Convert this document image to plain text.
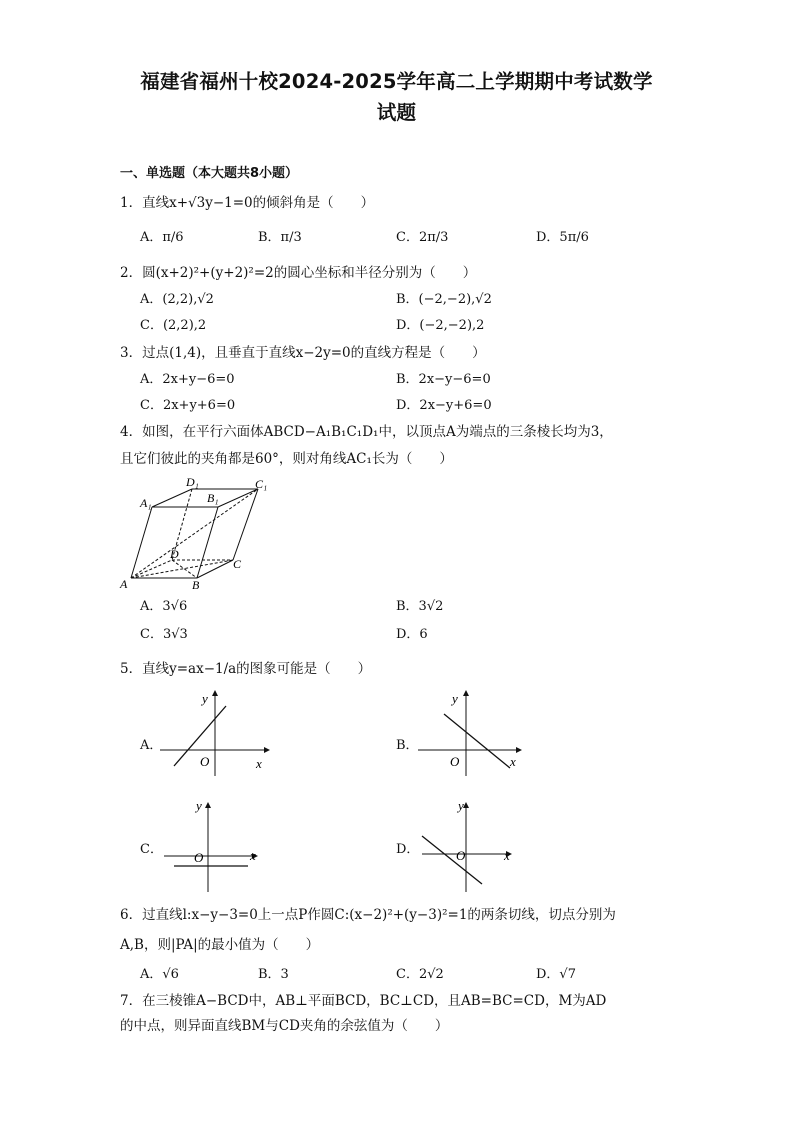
福建省福州十校2024-2025学年高二上学期期中考试数学
试题
一、单选题（本大题共8小题）
1．直线x+√3y−1=0的倾斜角是（　　）
A．π/6	B．π/3	C．2π/3	D．5π/6
2．圆(x+2)²+(y+2)²=2的圆心坐标和半径分别为（　　）
A．(2,2),√2	B．(−2,−2),√2
C．(2,2),2	D．(−2,−2),2
3．过点(1,4)，且垂直于直线x−2y=0的直线方程是（　　）
A．2x+y−6=0	B．2x−y−6=0
C．2x+y+6=0	D．2x−y+6=0
4．如图，在平行六面体ABCD−A₁B₁C₁D₁中，以顶点A为端点的三条棱长均为3，
且它们彼此的夹角都是60°，则对角线AC₁长为（　　）
D₁
B₁
C₁
A₁
D
C
A	B
A．3√6	B．3√2
C．3√3	D．6
5．直线y=ax−1/a的图象可能是（　　）
A．
y
x
O
B．
y
x
O
C．
y
x
O
D．
y
x
O
6．过直线l:x−y−3=0上一点P作圆C:(x−2)²+(y−3)²=1的两条切线，切点分别为
A,B，则|PA|的最小值为（　　）
A．√6	B．3	C．2√2	D．√7
7．在三棱锥A−BCD中，AB⊥平面BCD，BC⊥CD，且AB=BC=CD，M为AD
的中点，则异面直线BM与CD夹角的余弦值为（　　）
